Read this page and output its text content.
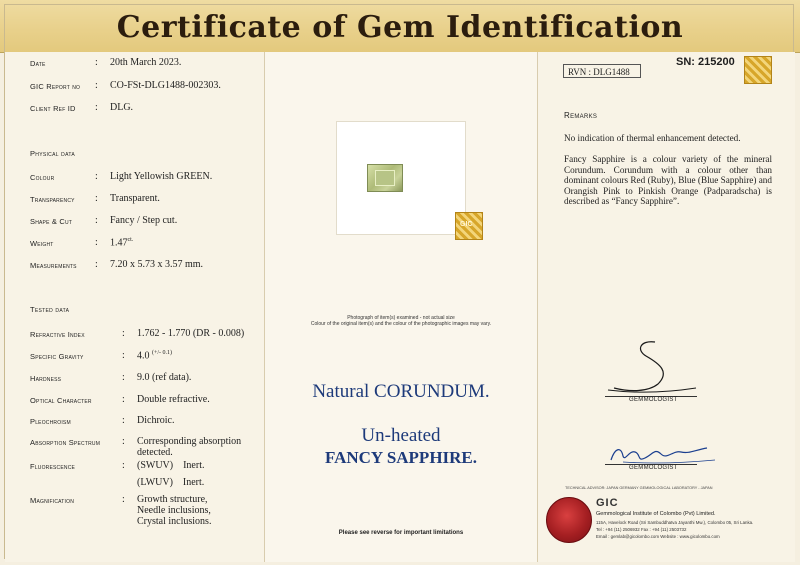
Certificate of Gem Identification
Date	: 20th March 2023.
GIC Report no : CO-FSt-DLG1488-002303.
Client Ref ID : DLG.
Physical data
Colour	: Light Yellowish GREEN.
Transparency : Transparent.
Shape & Cut : Fancy / Step cut.
Weight	: $1.47^{ct.}$
Measurements : 7.20 x 5.73 x 3.57 mm.
Tested data
Refractive Index	: 1.762 - 1.770 (DR - 0.008)
Specific Gravity	: 4.0 $^{(+/- 0.1)}$
Hardness	: 9.0 (ref data).
Optical Character	: Double refractive.
Pleochroism	: Dichroic.
Absorption Spectrum : Corresponding absorption
detected.
Fluorescence	: (SWUV)    Inert.
(LWUV)    Inert.
Magnification	: Growth structure,
Needle inclusions,
Crystal inclusions.
GIC
Photograph of item(s) examined - not actual size
Colour of the original item(s) and the colour of the photographic images may vary.
Natural CORUNDUM.
Un-heated
FANCY SAPPHIRE.
Please see reverse for important limitations
RVN : DLG1488
SN: 215200
Remarks
No indication of thermal enhancement detected.
Fancy Sapphire is a colour variety of the mineral Corundum. Corundum with a colour other than dominant colours Red (Ruby), Blue (Blue Sapphire) and Orangish Pink to Pinkish Orange (Padparadscha) is described as “Fancy Sapphire”.
GEMMOLOGIST
GEMMOLOGIST
TECHNICAL ADVISOR: JAPAN GERMANY GEMMOLOGICAL LABORATORY - JAPAN
GIC
Gemmological Institute of Colombo (Pvt) Limited.
115A, Havelock Road (Sri Sambuddhatva Jayanthi Mw.), Colombo 05, Sri Lanka.
Tel : +94 (11) 2506932 Fax : +94 (11) 2503732
Email : gemlab@gicolombo.com Website : www.gicolombo.com
